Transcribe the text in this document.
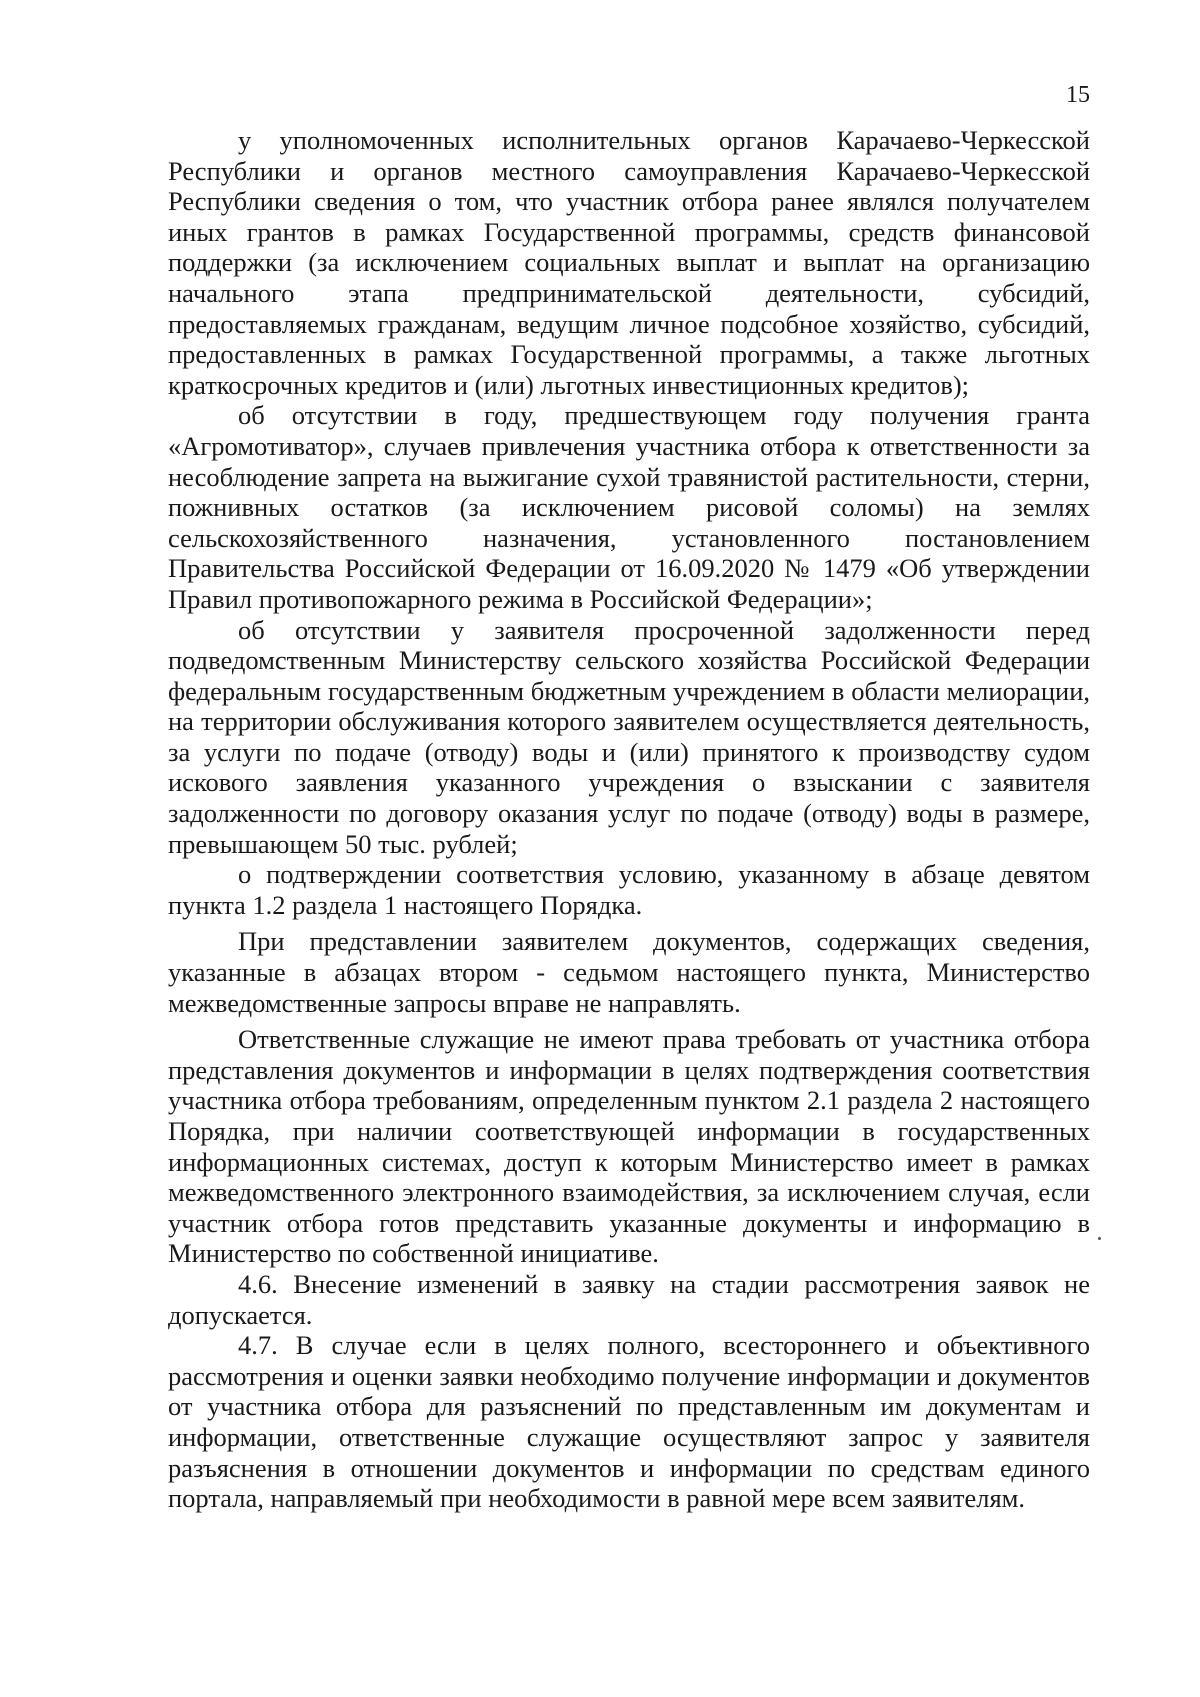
15

у уполномоченных исполнительных органов Карачаево-Черкесской Республики и органов местного самоуправления Карачаево-Черкесской Республики сведения о том, что участник отбора ранее являлся получателем иных грантов в рамках Государственной программы, средств финансовой поддержки (за исключением социальных выплат и выплат на организацию начального этапа предпринимательской деятельности, субсидий, предоставляемых гражданам, ведущим личное подсобное хозяйство, субсидий, предоставленных в рамках Государственной программы, а также льготных краткосрочных кредитов и (или) льготных инвестиционных кредитов);

об отсутствии в году, предшествующем году получения гранта «Агромотиватор», случаев привлечения участника отбора к ответственности за несоблюдение запрета на выжигание сухой травянистой растительности, стерни, пожнивных остатков (за исключением рисовой соломы) на землях сельскохозяйственного назначения, установленного постановлением Правительства Российской Федерации от 16.09.2020 № 1479 «Об утверждении Правил противопожарного режима в Российской Федерации»;

об отсутствии у заявителя просроченной задолженности перед подведомственным Министерству сельского хозяйства Российской Федерации федеральным государственным бюджетным учреждением в области мелиорации, на территории обслуживания которого заявителем осуществляется деятельность, за услуги по подаче (отводу) воды и (или) принятого к производству судом искового заявления указанного учреждения о взыскании с заявителя задолженности по договору оказания услуг по подаче (отводу) воды в размере, превышающем 50 тыс. рублей;

о подтверждении соответствия условию, указанному в абзаце девятом пункта 1.2 раздела 1 настоящего Порядка.

При представлении заявителем документов, содержащих сведения, указанные в абзацах втором - седьмом настоящего пункта, Министерство межведомственные запросы вправе не направлять.

Ответственные служащие не имеют права требовать от участника отбора представления документов и информации в целях подтверждения соответствия участника отбора требованиям, определенным пунктом 2.1 раздела 2 настоящего Порядка, при наличии соответствующей информации в государственных информационных системах, доступ к которым Министерство имеет в рамках межведомственного электронного взаимодействия, за исключением случая, если участник отбора готов представить указанные документы и информацию в Министерство по собственной инициативе.

4.6. Внесение изменений в заявку на стадии рассмотрения заявок не допускается.

4.7. В случае если в целях полного, всестороннего и объективного рассмотрения и оценки заявки необходимо получение информации и документов от участника отбора для разъяснений по представленным им документам и информации, ответственные служащие осуществляют запрос у заявителя разъяснения в отношении документов и информации по средствам единого портала, направляемый при необходимости в равной мере всем заявителям.
